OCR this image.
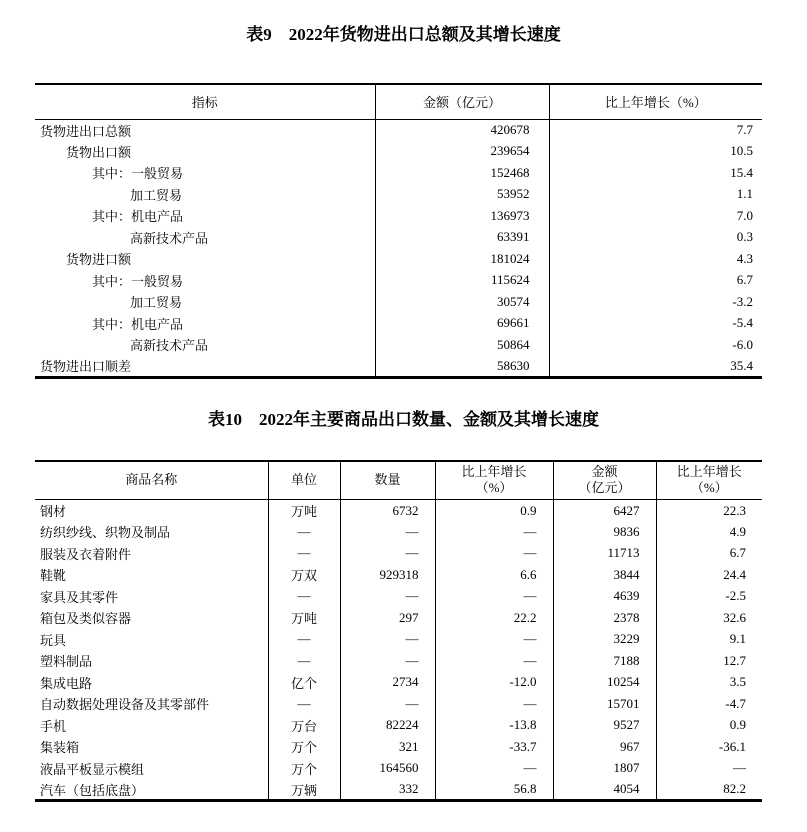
表9　2022年货物进出口总额及其增长速度
指标	金额（亿元）	比上年增长（%）
货物进出口总额	420678	7.7
货物出口额	239654	10.5
其中：一般贸易	152468	15.4
加工贸易	53952	1.1
其中：机电产品	136973	7.0
高新技术产品	63391	0.3
货物进口额	181024	4.3
其中：一般贸易	115624	6.7
加工贸易	30574	-3.2
其中：机电产品	69661	-5.4
高新技术产品	50864	-6.0
货物进出口顺差	58630	35.4
表10　2022年主要商品出口数量、金额及其增长速度
商品名称	单位	数量

比上年增长
（%）

金额
（亿元）

比上年增长
（%）

钢材	万吨	6732	0.9	6427	22.3
纺织纱线、织物及制品	—	—	—	9836	4.9
服装及衣着附件	—	—	—	11713	6.7
鞋靴	万双	929318	6.6	3844	24.4
家具及其零件	—	—	—	4639	-2.5
箱包及类似容器	万吨	297	22.2	2378	32.6
玩具	—	—	—	3229	9.1
塑料制品	—	—	—	7188	12.7
集成电路	亿个	2734	-12.0	10254	3.5
自动数据处理设备及其零部件	—	—	—	15701	-4.7
手机	万台	82224	-13.8	9527	0.9
集装箱	万个	321	-33.7	967	-36.1
液晶平板显示模组	万个	164560	—	1807	—
汽车（包括底盘）	万辆	332	56.8	4054	82.2
